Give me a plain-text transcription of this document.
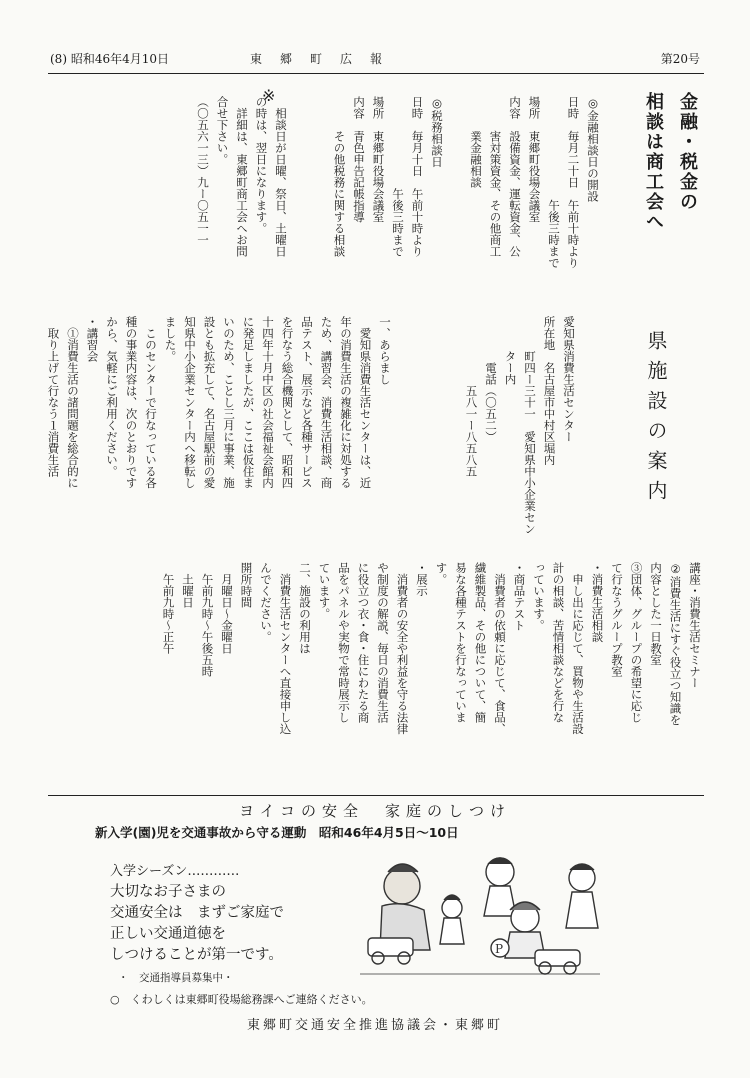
(8) 昭和46年4月10日	東郷町広報	第20号
金融・税金の
相談は商工会へ
◎金融相談日の開設
日時　毎月二十日　午前十時より
　　　　　　　　　午後三時まで
場所　東郷町役場会議室
内容　設備資金、運転資金、公
　　　害対策資金、その他商工
　　　業金融相談

◎税務相談日
日時　毎月十日　午前十時より
　　　　　　　　午後三時まで
場所　東郷町役場会議室
内容　青色申告記帳指導
　　　その他税務に関する相談

　相談日が日曜、祭日、土曜日
の時は、翌日になります。
　詳細は、東郷町商工会へお問
合せ下さい。
（〇五六一三）九ー〇五一一
※
県施設の案内
愛知県消費生活センター
所在地　名古屋市中村区堀内
　　　町四ー三十一　愛知県中小企業セン
　　　ター内
　　　　電話（〇五二）
　　　　　　五八一ー八五八五
一、あらまし
　愛知県消費生活センターは、近
年の消費生活の複雑化に対処する
ため、講習会、消費生活相談、商
品テスト、展示など各種サービス
を行なう総合機関として、昭和四
十四年十月中区の社会福祉会館内
に発足しましたが、ここは仮住ま
いのため、ことし三月に事業、施
設とも拡充して、名古屋駅前の愛
知県中小企業センター内へ移転し
ました。
　このセンターで行なっている各
種の事業内容は、次のとおりです
から、気軽にご利用ください。
・講習会
　①消費生活の諸問題を総合的に
　取り上げて行なう１消費生活
講座・消費生活セミナー
②消費生活にすぐ役立つ知識を
内容とした一日教室
③団体、グループの希望に応じ
て行なうグループ教室
・消費生活相談
　申し出に応じて、買物や生活設
計の相談、苦情相談などを行な
っています。
・商品テスト
　消費者の依頼に応じて、食品、
繊維製品、その他について、簡
易な各種テストを行なっていま
す。
・展示
　消費者の安全や利益を守る法律
や制度の解説、毎日の消費生活
に役立つ衣・食・住にわたる商
品をパネルや実物で常時展示し
ています。
二、施設の利用は
　消費生活センターへ直接申し込
んでください。
開所時間
　月曜日〜金曜日
　午前九時〜午後五時
　土曜日
　午前九時〜正午
ヨイコの安全　家庭のしつけ
新入学(園)児を交通事故から守る運動　昭和46年4月5日〜10日
入学シーズン…………
大切なお子さまの
交通安全は　まずご家庭で
正しい交通道徳を
しつけることが第一です。
・　交通指導員募集中・
○　くわしくは東郷町役場総務課へご連絡ください。
東郷町交通安全推進協議会・東郷町
P
